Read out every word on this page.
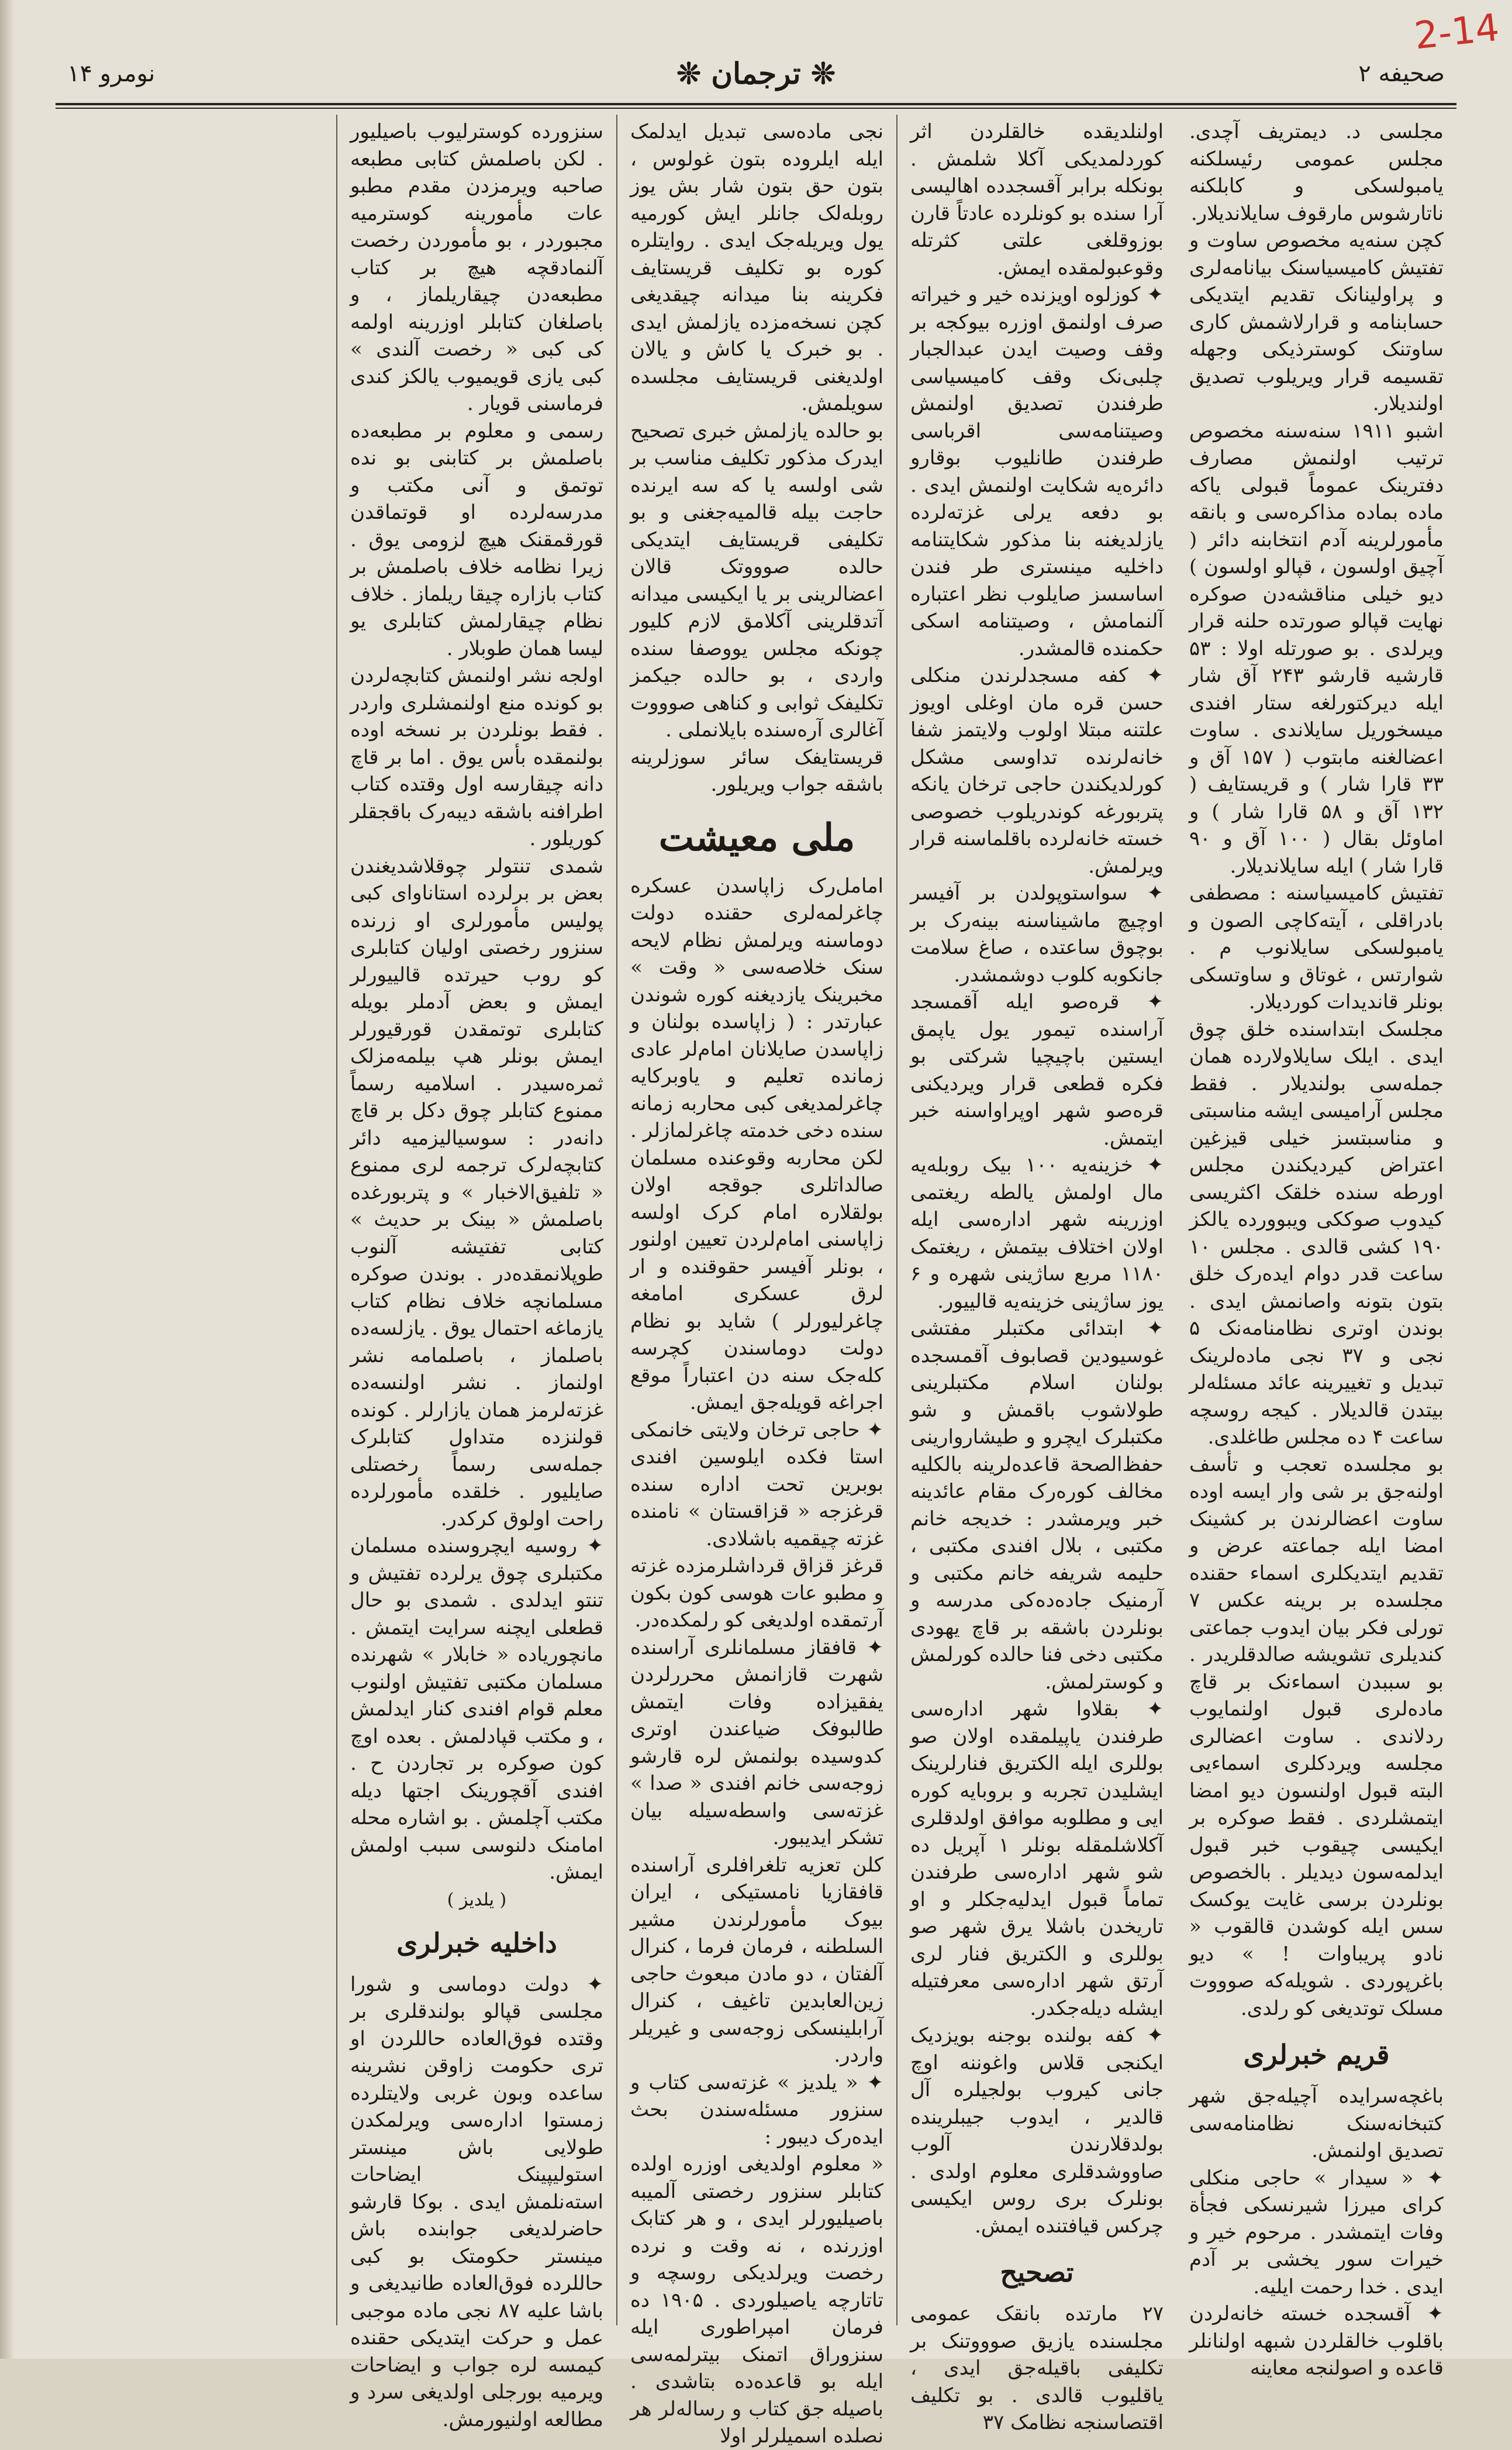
2-14
صحیفه ۲
❊ ترجمان ❊
نومرو ۱۴

مجلسی د. دیمتریف آچدی. مجلس عمومی رئیسلکنه یامبولسکی و کابلکنه ناتارشوس مارقوف سایلاندیلار.

کچن سنه‌یه مخصوص ساوت و تفتیش کامیسیاسنک بیانامه‌لری و پراولینانک تقدیم ایتدیکی حسابنامه و قرارلاشمش کاری ساوتنک کوسترذیکی وجهله تقسیمه قرار ویریلوب تصدیق اولندیلار.

اشبو ۱۹۱۱ سنه‌سنه مخصوص ترتیب اولنمش مصارف دفترینک عموماً قبولی یاکه ماده بماده مذاکره‌سی و بانقه مأمورلرینه آدم انتخابنه دائر ( آچیق اولسون ، قپالو اولسون ) دیو خیلی مناقشه‌دن صوکره نهایت قپالو صورتده حلنه قرار ویرلدی . بو صورتله اولا : ۵۳ قارشیه قارشو ۲۴۳ آق شار ایله دیرکتورلغه ستار افندی میسخوریل سایلاندی . ساوت اعضالغنه مابتوب ( ۱۵۷ آق و ۳۳ قارا شار ) و قریستایف ( ۱۳۲ آق و ۵۸ قارا شار ) و اماوئل بقال ( ۱۰۰ آق و ۹۰ قارا شار ) ایله سایلاندیلار.

تفتیش کامیسیاسنه : مصطفی بادراقلی ، آیته‌کاچی الصون و یامبولسکی سایلانوب م . شوارتس ، غوتاق و ساوتسکی بونلر قاندیدات کوردیلار.

مجلسک ابتداسنده خلق چوق ایدی . ایلک سایلاولارده همان جمله‌سی بولندیلار . فقط مجلس آرامیسی ایشه مناسبتی و مناسبتسز خیلی قیزغین اعتراض کیردیکندن مجلس اورطه‌ سنده خلقک اکثریسی کیدوب صوککی ویبوورده یالکز ۱۹۰ کشی قالدی . مجلس ۱۰ ساعت قدر دوام ایده‌رک خلق بتون بتونه واصانمش ایدی . بوندن اوتری نظامنامه‌نک ۵ نجی و ۳۷ نجی ماده‌لرینک تبدیل و تغییرینه عائد مسئله‌لر بیتدن قالدیلار . کیجه روسچه ساعت ۴ ده مجلس طاغلدی.

بو مجلسده تعجب و تأسف اولنه‌جق بر شی وار ایسه اوده ساوت اعضالرندن بر کشینک امضا ایله جماعته عرض و تقدیم ایتدیکلری اسماء حقنده مجلسده بر برینه عکس ۷ تورلی فکر بیان ایدوب جماعتی کندیلری تشویشه صالدقلریدر . بو سببدن اسماء‌نک بر قاچ ماده‌لری قبول اولنمایوب ردلاندی . ساوت اعضالری مجلسه ویردکلری اسماء‌یی البته قبول اولنسون دیو امضا ایتمشلردی . فقط صوکره بر ایکیسی چیقوب خبر قبول ایدلمه‌سون دیدیلر . بالخصوص بونلردن برسی غایت یوکسک سس ایله کوشدن قالقوب « نادو پریباوات ! » دیو باغرپوردی . شویله‌که صوووت مسلک توتدیغی کو‌ رلدی.

قریم خبرلری

باغچه‌سرایده آچیله‌جق شهر کتبخانه‌سنک نظامنامه‌سی تصدیق اولنمش.

✦ « سیدار » حاجی منکلی کرای میرزا شیرنسکی فجأة وفات ایتمشدر . مرحوم خیر و خیرات سور یخشی بر آدم ایدی . خدا رحمت ایلیه.

✦ آقسجده خسته خانه‌لردن باقلوب خالقلردن شبهه اولنانلر قاعده و اصولنجه معاینه

اولنلدیقده خالقلردن اثر کوردلمدیکی آکلا‌ شلمش . بونکله برابر آقسجدده اهالیسی آرا‌ سنده بو کونلرده عادتاً قارن بوزوقلغی علتی کثرتله وقوعبولمقده ایمش.

✦ کوزلوه اویزنده خیر و خیراته صرف اولنمق اوزره بیوکجه بر وقف وصیت ایدن عبدالجبار چلبی‌نک وقف کامیسیاسی طرفندن تصدیق اولنمش وصیتنامه‌سی اقرباسی طرفندن طانلیوب بوقارو دائره‌یه شکایت اولنمش ایدی . بو دفعه یرلی غزته‌لرده یازلدیغنه بنا مذکور شکایتنامه داخلیه مینستری طر‌ فندن اساسسز صایلوب نظر اعتباره آلنمامش ، وصیتنامه اسکی حکمنده قالمشدر.

✦ کفه مسجدلرندن منکلی حسن قره مان اوغلی اویوز علتنه مبتلا اولوب ولایتمز شفا خانه‌لرنده تداوسی مشکل کورلدیکندن حاجی ترخان یانکه پتربورغه کوندریلوب خصوصی خسته خانه‌لرده باقلماسنه قرار ویرلمش.

✦ سواستوپولدن بر آفیسر اوچیچ ماشیناسنه بینه‌رک بر بوچوق ساعتده ، صاغ سلامت جانکوبه کلوب دوشمشدر.

✦ قره‌صو ایله آقمسجد آراسنده تیمور یول یاپمق ایستین باچیچیا شرکتی بو فکره قطعی قرار ویردیکنی قره‌صو شهر اوپراواسنه خبر ایتمش.

✦ خزینه‌یه ۱۰۰ بیک روبله‌یه مال اولمش یالطه ریغتمی اوزرینه شهر اداره‌سی ایله اولان اختلاف بیتمش ، ریغتمک ۱۱۸۰ مربع ساژینی شهره و ۶ یوز ساژینی خزینه‌یه قالییور.

✦ ابتدائی مکتبلر مفتشی غوسیودین قصابوف آقمسجده بولنان اسلام مکتبلرینی طولاشوب باقمش و شو مکتبلرک ایچرو و طیشاروارینی حفظ‌الصحة قاعده‌لرینه بالکلیه مخالف کوره‌رک مقام عائدینه خبر ویرمشدر : خدیجه خانم مکتبی ، بلال افندی مکتبی ، حلیمه شریفه خانم مکتبی و آرمنیک جاده‌ده‌کی مدرسه و بونلردن باشقه بر قاچ یهودی مکتبی دخی فنا حالده کورلمش و کوسترلمش.

✦ بقلاوا شهر اداره‌سی طرفندن یاپیلمقده اولان صو بوللری ایله الکتریق فنارلرینک ایشلیدن تجربه و بروبایه کوره ایی و مطلوبه موافق اولدقلری آکلاشلمقله بونلر ۱ آپریل ده شو شهر اداره‌سی طرفندن تماماً قبول ایدلیه‌جکلر و او تاریخدن باشلا‌ یرق شهر صو بوللری و الکتریق فنار‌ لری آرتق شهر اداره‌سی معرفتیله ایشله‌ دیله‌جکدر.

✦ کفه بولنده بوجنه بویزدیک ایکنجی قلاس واغوننه اوچ جانی کیروب بولجیلره آل قالدیر ، ایدوب جیبلرینده بولدقلارندن آلوب صاووشدقلری معلوم اولدی . بونلرک بری روس ایکیسی چرکس قیافتنده ایمش.

تصحیح

۲۷ مارتده بانقک عمومی مجلسنده یازیق صوووتنک بر تکلیفی باقیله‌جق ایدی ، یاقلیوب قالدی . بو تکلیف اقتصاسنجه نظامک ۳۷

نجی ماده‌سی تبدیل ایدلمک ایله ایلرو‌ده بتون غولوس ، بتون حق بتون شار بش یوز روبله‌لک جانلر ایش کورمیه یول ویریله‌جک ایدی . روایتلره کوره بو تکلیف قریستایف فکرینه بنا میدانه چیقدیغی کچن نسخه‌مزده یازلمش ایدی . بو خبرک یا کاش و یالان اولدیغنی قریستایف مجلسده سویلمش.

بو حالده یازلمش خبری تصحیح ایدرک مذکور تکلیف مناسب بر شی اولسه یا که سه ایرنده حاجت بیله قالمیه‌جغنی و بو تکلیفی قریستایف ایتدیکی حالده صوووتک قالان اعضالرینی بر یا ایکیسی میدانه آتدقلرینی آکلامق لازم کلیور چونکه مجلس یووصفا‌ سنده واردی ، بو حالده جیکمز تکلیفک ثوابی و کناهی صوووت آغالری آره‌سنده بایلانملی .

قریستایفک سائر سوزلرینه باشقه جواب ویریلور.

ملی معیشت

امامل‌رک زاپاسدن عسکره چاغرلمه‌لری حقنده دولت دوماسنه ویرلمش نظام لایحه‌ سنک خلاصه‌سی « وقت » مخبرینک یازدیغنه کوره شوندن عبارتدر : ( زاپاسده بولنان و زاپاسدن صایلانان امام‌لر عادی زمانده تعلیم و یاوبرکایه چاغرلمدیغی کبی محاربه زمانه‌ سنده دخی خدمته چاغرلمازلر . لکن محاربه وقوعنده مسلمان صالداتلری جوقجه اولان بولقلاره امام کرک اولسه زاپاسنی امام‌لردن تعیین اولنور ، بونلر آفیسر حقوقنده و ار‌ لرق عسکری امامغه چاغرلیورلر ) شاید بو نظام دولت دوماسندن کچرسه کله‌جک سنه‌ دن اعتباراً موقع اجراغه قویله‌جق ایمش.

✦ حاجی ترخان ولایتی خانمکی استا‌ فکده ایلوسین افندی بوبرین تحت ادار‌ه‌ سنده قرغزجه « قزاقستان » نامنده غزته چیقمیه باشلادی.

قرغز قزاق قرداشلرمزده غزته و مطبو‌ عات هوسی کون بکون آرتمقده اولدیغی کو‌ رلمکده‌در.

✦ قافقاز مسلمانلری آراسنده شهرت قازانمش محررلردن یفقیزاده وفات ایتمش طالبوفک ضیاعندن اوتری کدوسیده بولنمش‌ لره قارشو زوجه‌سی خانم افندی « صدا » غزته‌سی واسطه‌سیله بیان تشکر ایدیبور.

کلن تعزیه تلغرافلری آراسنده قافقازیا نامستیکی ، ایران بیوک مأمورلرندن مشیر السلطنه ، فرمان فرما ، کنرال آلفتان ، دو‌ مادن مبعوث حاجی زین‌العابدین تاغیف ، کنرال آرابلینسکی زوجه‌سی و غیریلر واردر.

✦ « یلدیز » غزته‌سی کتاب و سنزور مسئله‌سندن بحث ایده‌رک دیبور :

« معلوم اولدیغی اوزره اولده کتابلر سنزور رخصتی آلمیبه باصیلیورلر ایدی ، و هر کتابک اوزرنده ، نه وقت و نرده رخصت ویرلدیکی روسچه و تاتارچه یاصیلوردی . ۱۹۰۵ ده فرمان امپراطوری ایله سنزوراق اتمنک بیترلمه‌سی ایله بو قاعده‌ده بتاشدی . باصیله‌ جق کتاب و رساله‌لر هر نصلده اسمیلرلر اولا

سنزورده کوسترلیوب باصیلیور . لکن باصلمش کتابی مطبعه صاحبه ویرمزدن مقدم مطبو‌ عات مأمورینه کوسترمیه مجبوردر ، بو مأموردن رخصت آلنمادقچه هیچ بر کتاب مطبعه‌دن چیقاریلماز ، و باصلغان کتابلر اوزرینه اولمه‌ کی کبی « رخصت آلندی » کبی یازی قویمیوب یالکز کندی فرماسنی قویار .

رسمی و معلوم بر مطبعه‌ده باصلمش بر کتابنی بو‌ نده توتمق و آنی مکتب و مدرسه‌لرده او‌ قوتماقدن قورقمقنک هیچ لزومی یوق . زیرا نظامه خلاف باصلمش بر کتاب بازاره چیقا‌ ریلماز . خلاف نظام چیقارلمش کتابلری یو‌ لیسا همان طوبلار .

اولجه نشر اولنمش کتابچه‌لردن بو کونده منع اولنمشلری واردر . فقط بونلردن بر نسخه اوده بولنمقده بأس یوق . اما بر قاچ دانه چیقارسه اول وقتده کتاب اطرافنه باشقه دیبه‌رک باقجقلر کوریلور .

شمدی تنتولر چوقلاشدیغندن بعض بر برلرده استانا‌وای کبی پولیس مأمورلری او‌ زرنده سنزور رخصتی اولیان کتابلری کو‌ روب حیرتده قالییورلر ایمش و بعض آدملر بویله کتابلری توتمقدن قورقیورلر ایمش بونلر هپ بیلمه‌مزلک ثمره‌سیدر . اسلامیه رسماً ممنوع کتابلر چوق دکل بر قاچ دانه‌در : سوسیالیزمیه دائر کتابچه‌لرک ترجمه‌ لری ممنوع « تلفیق‌الاخبار » و پتربورغده باصلمش « بینک بر حدیث » کتابی تفتیشه آلنوب طوپلانمقده‌در . بوندن صوکره مسلمانچه خلاف نظام کتاب یازماغه احتمال یوق . یازلسه‌ده باصلماز ، باصلمامه نشر اولنماز . نشر اولنسه‌ده غزته‌لرمز همان یازارلر . کونده قولنزده متداول کتابلرک جمله‌سی رسماً رخصتلی صایلیور . خلقده مأمورلرده راحت اولوق کرکدر.

✦ روسیه ایچروسنده مسلمان مکتبلری چوق یرلرده تفتیش و تنتو ایدلدی . شمدی بو حال قطعلی ایچنه سرایت ایتمش . مانچوریاده « خابلار » شهرنده مسلمان مکتبی تفتیش اولنوب معلم قوام افندی کنار ایدلمش ، و مکتب قپادلمش . بعده اوچ کون صوکره بر تجاردن ح . افندی آقچورینک اجتها‌ دیله مکتب آچلمش . بو اشاره محله امامنک دلنوسی سبب اولمش ایمش.

( یلدیز )
داخلیه خبرلری

✦ دولت دوماسی و شورا مجلسی قپالو بولندقلری بر وقتده فوق‌العاده حاللردن او‌ تری حکومت زاوقن نشرینه ساعده وبون غربی ولایتلرده زمستوا اداره‌سی ویرلمکدن طولایی باش مینستر استولیپینک ایضاحات استه‌نلمش ایدی . بوکا قارشو حاضرلدیغی جوابنده باش مینستر حکومتک بو کبی حاللرده فوق‌العاده طانیدیغی و باشا علیه ۸۷ نجی ماده موجبی عمل و حرکت ایتدیکی حقنده کیمسه‌ لره جواب و ایضاحات ویرمیه بورجلی اولدیغی سرد و مطالعه اولنیورمش.
